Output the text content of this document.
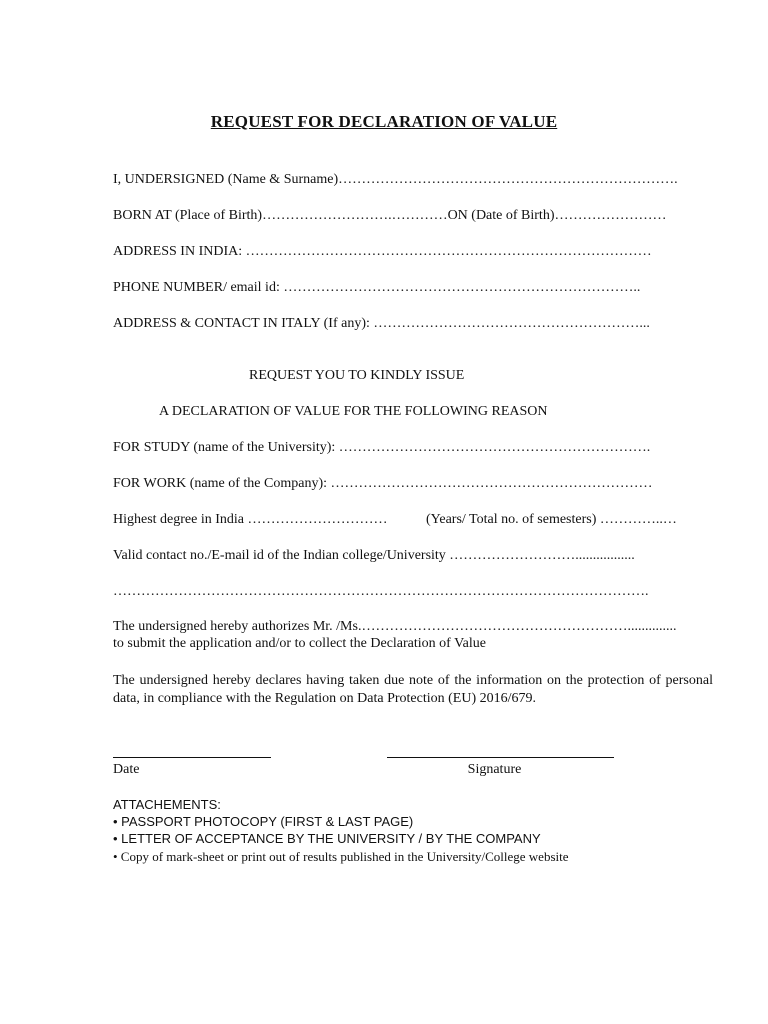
REQUEST FOR DECLARATION OF VALUE
I, UNDERSIGNED (Name & Surname)……………………………………………………………….
BORN AT (Place of Birth)……………………….…………ON (Date of Birth)……………………
ADDRESS IN INDIA: ……………………………………………………………………………
PHONE NUMBER/ email id: …………………………………………………………………..
ADDRESS & CONTACT IN ITALY (If any): …………………………………………………...
REQUEST YOU TO KINDLY ISSUE
A DECLARATION OF VALUE FOR THE FOLLOWING REASON
FOR STUDY (name of the University): ………………………………………………………….
FOR WORK (name of the Company): ……………………………………………………………
Highest degree in India …………………………	(Years/ Total no. of semesters) …………..…
Valid contact no./E-mail id of the Indian college/University ……………………….................
…………………………………………………………………………………………………….
The undersigned hereby authorizes Mr. /Ms.…………………………………………………..............
to submit the application and/or to collect the Declaration of Value
The undersigned hereby declares having taken due note of the information on the protection of personal data, in compliance with the Regulation on Data Protection (EU) 2016/679.
Date	Signature
ATTACHEMENTS:
• PASSPORT PHOTOCOPY (FIRST & LAST PAGE)
• LETTER OF ACCEPTANCE BY THE UNIVERSITY / BY THE COMPANY
• Copy of mark-sheet or print out of results published in the University/College website
